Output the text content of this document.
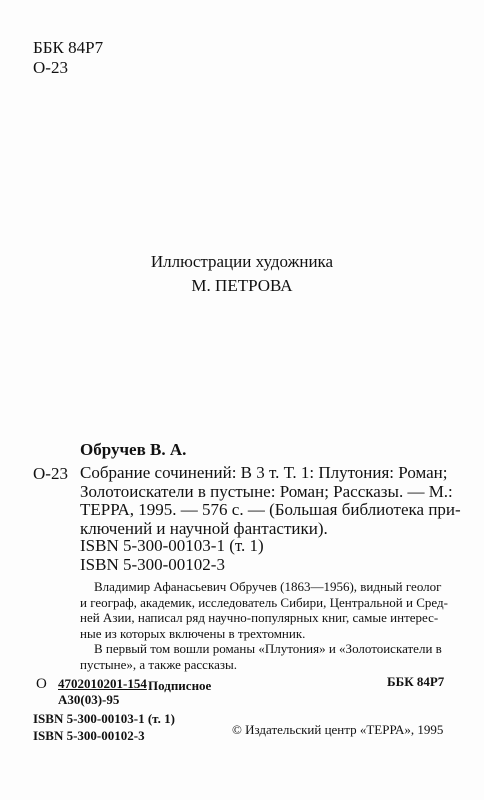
ББК 84Р7
О-23
Иллюстрации художника
М. ПЕТРОВА
Обручев В. А.
О-23 Собрание сочинений: В 3 т. Т. 1: Плутония: Роман;
Золотоискатели в пустыне: Роман; Рассказы. — М.:
ТЕРРА, 1995. — 576 с. — (Большая библиотека при-
ключений и научной фантастики).
ISBN 5-300-00103-1 (т. 1)
ISBN 5-300-00102-3
Владимир Афанасьевич Обручев (1863—1956), видный геолог
и географ, академик, исследователь Сибири, Центральной и Сред-
ней Азии, написал ряд научно-популярных книг, самые интерес-
ные из которых включены в трехтомник.
В первый том вошли романы «Плутония» и «Золотоискатели в
пустыне», а также рассказы.
О 4702010201-154 Подписное
А30(03)-95
ББК 84Р7
ISBN 5-300-00103-1 (т. 1)
ISBN 5-300-00102-3	© Издательский центр «ТЕРРА», 1995
